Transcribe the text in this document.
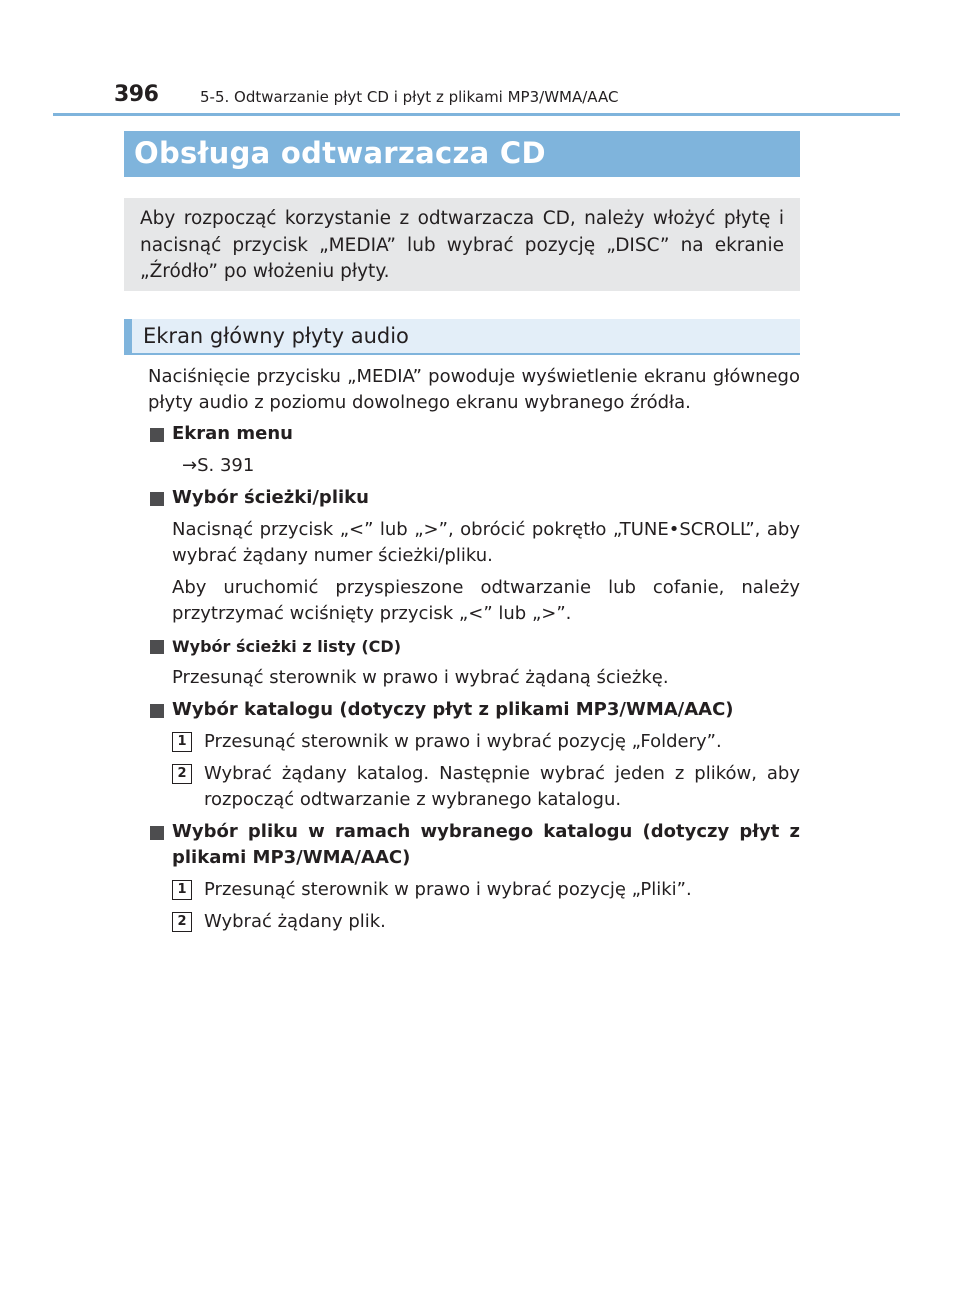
396	5-5. Odtwarzanie płyt CD i płyt z plikami MP3/WMA/AAC
Obsługa odtwarzacza CD
Aby rozpocząć korzystanie z odtwarzacza CD, należy włożyć płytę i nacisnąć przycisk „MEDIA” lub wybrać pozycję „DISC” na ekranie „Źródło” po włożeniu płyty.
Ekran główny płyty audio
Naciśnięcie przycisku „MEDIA” powoduje wyświetlenie ekranu głównego płyty audio z poziomu dowolnego ekranu wybranego źródła.
Ekran menu
→S. 391
Wybór ścieżki/pliku
Nacisnąć przycisk „<” lub „>”, obrócić pokrętło „TUNE•SCROLL”, aby wybrać żądany numer ścieżki/pliku.
Aby uruchomić przyspieszone odtwarzanie lub cofanie, należy przytrzymać wciśnięty przycisk „<” lub „>”.
Wybór ścieżki z listy (CD)
Przesunąć sterownik w prawo i wybrać żądaną ścieżkę.
Wybór katalogu (dotyczy płyt z plikami MP3/WMA/AAC)
1 Przesunąć sterownik w prawo i wybrać pozycję „Foldery”.
2 Wybrać żądany katalog. Następnie wybrać jeden z plików, aby rozpocząć odtwarzanie z wybranego katalogu.
Wybór pliku w ramach wybranego katalogu (dotyczy płyt z plikami MP3/WMA/AAC)
1 Przesunąć sterownik w prawo i wybrać pozycję „Pliki”.
2 Wybrać żądany plik.
